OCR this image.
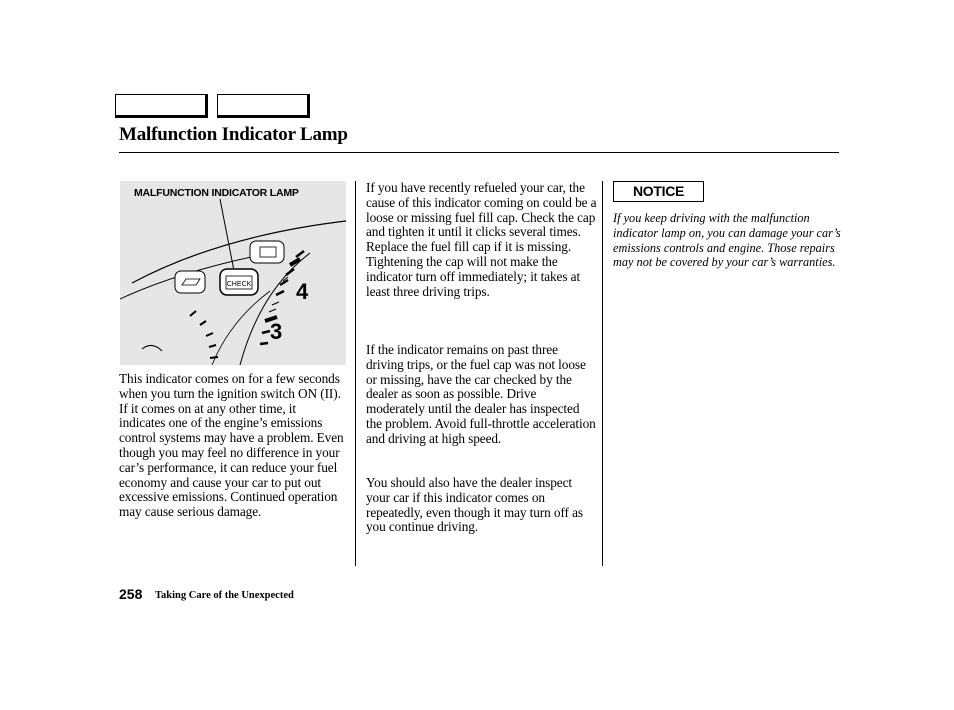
Malfunction Indicator Lamp
MALFUNCTION INDICATOR LAMP
CHECK 4
3

This indicator comes on for a few seconds when you turn the ignition switch ON (II). If it comes on at any other time, it indicates one of the engine’s emissions control systems may have a problem. Even though you may feel no difference in your car’s performance, it can reduce your fuel economy and cause your car to put out excessive emissions. Continued operation may cause serious damage.

If you have recently refueled your car, the cause of this indicator coming on could be a loose or missing fuel fill cap. Check the cap and tighten it until it clicks several times. Replace the fuel fill cap if it is missing. Tightening the cap will not make the indicator turn off immediately; it takes at least three driving trips.

If the indicator remains on past three driving trips, or the fuel cap was not loose or missing, have the car checked by the dealer as soon as possible. Drive moderately until the dealer has inspected the problem. Avoid full-throttle acceleration and driving at high speed.

You should also have the dealer inspect your car if this indicator comes on repeatedly, even though it may turn off as you continue driving.

NOTICE

If you keep driving with the malfunction indicator lamp on, you can damage your car’s emissions controls and engine. Those repairs may not be covered by your car’s warranties.

258 Taking Care of the Unexpected
